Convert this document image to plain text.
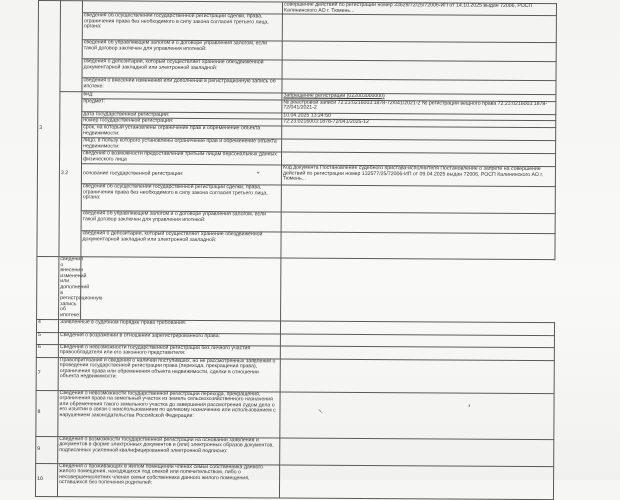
3			совершение действий по регистрации номер 33629/72/25/72006-ИП от 14.10.2025 выдан 72006, РОСП Калининского АО г. Тюмень...
		сведения об осуществлении государственной регистрации сделки, права, ограничения права без необходимого в силу закона согласия третьего лица, органа:	
		сведения об управляющем залогом и о договоре управления залогом, если такой договор заключен для управления ипотекой:	
		сведения о депозитарии, который осуществляет хранение обездвиженной документарной закладной или электронной закладной:	
		сведения о внесении изменений или дополнений в регистрационную запись об ипотеке:	
	3.2	вид:	Запрещение регистрации (022003000000)
		предмет:	№ реестровой записи 72:23:0216003:1878-72/041/2021-2 № регистрации вещного права 72:23:0216003:1878-72/041/2021-2
		дата государственной регистрации:	10.04.2025 13:24:50
		номер государственной регистрации:	72:23:0216003:1878-72/041/2025-12
		срок, на который установлены ограничение прав и обременение объекта недвижимости:	
		лицо, в пользу которого установлены ограничение прав и обременение объекта недвижимости:	
		сведения о возможности предоставления третьим лицам персональных данных физического лица	
		основание государственной регистрации:	Код документа Постановление судебного пристава-исполнителя Постановление о запрете на совершение действий по регистрации номер 132577/25/72006-ИП от 09.04.2025 выдан 72006, РОСП Калининского АО г. Тюмень...
		сведения об осуществлении государственной регистрации сделки, права, ограничения права без необходимого в силу закона согласия третьего лица, органа:	
		сведения об управляющем залогом и о договоре управления залогом, если такой договор заключен для управления ипотекой:	
		сведения о депозитарии, который осуществляет хранение обездвиженной документарной закладной или электронной закладной:	
	сведения о внесении изменений или дополнений в регистрационную запись об ипотеке:		
4	Заявленные в судебном порядке права требования:		
5	Сведения о возражении в отношении зарегистрированного права:		
6	Сведения о невозможности государственной регистрации без личного участия правообладателя или его законного представителя:		
7	Правопритязания и сведения о наличии поступивших, но не рассмотренных заявлений о проведении государственной регистрации права (перехода, прекращения права), ограничения права или обременения объекта недвижимости, сделки в отношении объекта недвижимости:		
8	Сведения о невозможности государственной регистрации перехода, прекращения, ограничения права на земельный участок из земель сельскохозяйственного назначения или обременения такого земельного участка до завершения рассмотрения судом дела о его изъятии в связи с неиспользованием по целевому назначению или использованием с нарушением законодательства Российской Федерации:		
9	Сведения о возможности государственной регистрации на основании заявления и документов в форме электронных документов и (или) электронных образов документов, подписанных усиленной квалифицированной электронной подписью:		
10	Сведения о проживающих в жилом помещении членах семьи собственника данного жилого помещения, находящихся под опекой или попечительством, либо о несовершеннолетних членах семьи собственника данного жилого помещения, оставшихся без попечения родителей:		
ˇ
⸜	'
